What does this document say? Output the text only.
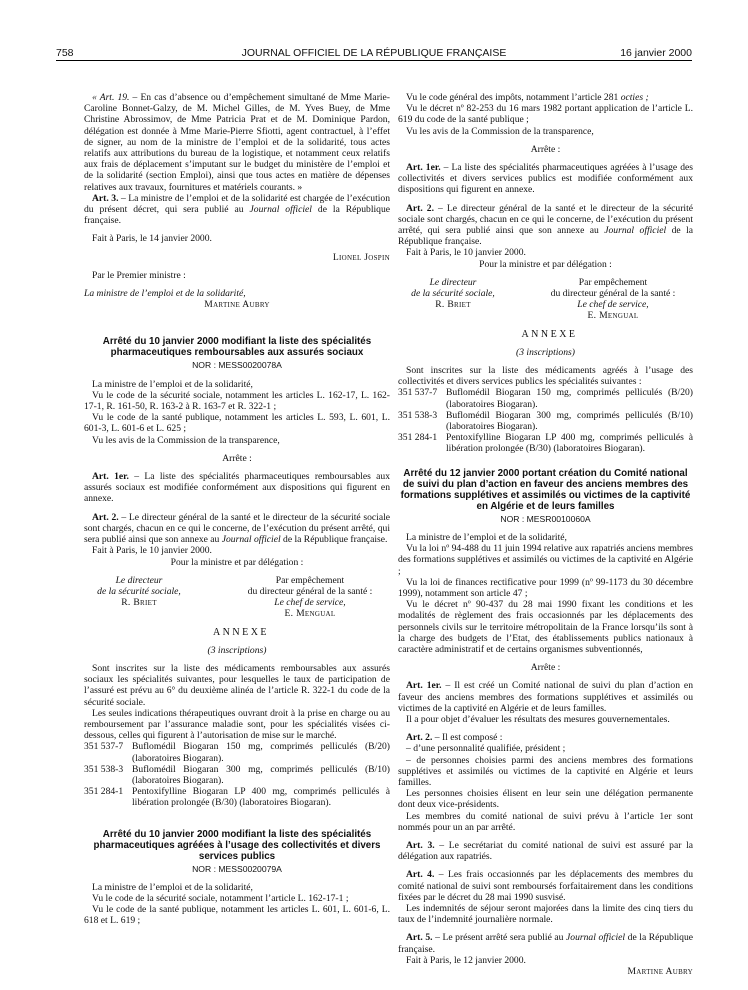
758	JOURNAL OFFICIEL DE LA RÉPUBLIQUE FRANÇAISE	16 janvier 2000

« Art. 19. – En cas d’absence ou d’empêchement simultané de Mme Marie-Caroline Bonnet-Galzy, de M. Michel Gilles, de M. Yves Buey, de Mme Christine Abrossimov, de Mme Patricia Prat et de M. Dominique Pardon, délégation est donnée à Mme Marie-Pierre Sfiotti, agent contractuel, à l’effet de signer, au nom de la ministre de l’emploi et de la solidarité, tous actes relatifs aux attributions du bureau de la logistique, et notamment ceux relatifs aux frais de déplacement s’imputant sur le budget du ministère de l’emploi et de la solidarité (section Emploi), ainsi que tous actes en matière de dépenses relatives aux travaux, fournitures et matériels courants. »

Art. 3. – La ministre de l’emploi et de la solidarité est chargée de l’exécution du présent décret, qui sera publié au Journal officiel de la République française.

Fait à Paris, le 14 janvier 2000.

Lionel Jospin

Par le Premier ministre :

La ministre de l’emploi et de la solidarité,

Martine Aubry

Arrêté du 10 janvier 2000 modifiant la liste des spécialités pharmaceutiques remboursables aux assurés sociaux
NOR : MESS0020078A

La ministre de l’emploi et de la solidarité,

Vu le code de la sécurité sociale, notamment les articles L. 162-17, L. 162-17-1, R. 161-50, R. 163-2 à R. 163-7 et R. 322-1 ;

Vu le code de la santé publique, notamment les articles L. 593, L. 601, L. 601-3, L. 601-6 et L. 625 ;

Vu les avis de la Commission de la transparence,

Arrête :

Art. 1er. – La liste des spécialités pharmaceutiques remboursables aux assurés sociaux est modifiée conformément aux dispositions qui figurent en annexe.

Art. 2. – Le directeur général de la santé et le directeur de la sécurité sociale sont chargés, chacun en ce qui le concerne, de l’exécution du présent arrêté, qui sera publié ainsi que son annexe au Journal officiel de la République française.

Fait à Paris, le 10 janvier 2000.

Pour la ministre et par délégation :

Le directeur
de la sécurité sociale,
R. Briet
Par empêchement
du directeur général de la santé :
Le chef de service,
E. Mengual

ANNEXE

(3 inscriptions)

Sont inscrites sur la liste des médicaments remboursables aux assurés sociaux les spécialités suivantes, pour lesquelles le taux de participation de l’assuré est prévu au 6° du deuxième alinéa de l’article R. 322-1 du code de la sécurité sociale.

Les seules indications thérapeutiques ouvrant droit à la prise en charge ou au remboursement par l’assurance maladie sont, pour les spécialités visées ci-dessous, celles qui figurent à l’autorisation de mise sur le marché.

351 537-7 Buflomédil Biogaran 150 mg, comprimés pelliculés (B/20) (laboratoires Biogaran).
351 538-3 Buflomédil Biogaran 300 mg, comprimés pelliculés (B/10) (laboratoires Biogaran).
351 284-1 Pentoxifylline Biogaran LP 400 mg, comprimés pelliculés à libération prolongée (B/30) (laboratoires Biogaran).
Arrêté du 10 janvier 2000 modifiant la liste des spécialités pharmaceutiques agréées à l’usage des collectivités et divers services publics
NOR : MESS0020079A

La ministre de l’emploi et de la solidarité,

Vu le code de la sécurité sociale, notamment l’article L. 162-17-1 ;

Vu le code de la santé publique, notamment les articles L. 601, L. 601-6, L. 618 et L. 619 ;

Vu le code général des impôts, notamment l’article 281 octies ;

Vu le décret nº 82-253 du 16 mars 1982 portant application de l’article L. 619 du code de la santé publique ;

Vu les avis de la Commission de la transparence,

Arrête :

Art. 1er. – La liste des spécialités pharmaceutiques agréées à l’usage des collectivités et divers services publics est modifiée conformément aux dispositions qui figurent en annexe.

Art. 2. – Le directeur général de la santé et le directeur de la sécurité sociale sont chargés, chacun en ce qui le concerne, de l’exécution du présent arrêté, qui sera publié ainsi que son annexe au Journal officiel de la République française.

Fait à Paris, le 10 janvier 2000.

Pour la ministre et par délégation :

Le directeur
de la sécurité sociale,
R. Briet
Par empêchement
du directeur général de la santé :
Le chef de service,
E. Mengual

ANNEXE

(3 inscriptions)

Sont inscrites sur la liste des médicaments agréés à l’usage des collectivités et divers services publics les spécialités suivantes :

351 537-7 Buflomédil Biogaran 150 mg, comprimés pelliculés (B/20) (laboratoires Biogaran).
351 538-3 Buflomédil Biogaran 300 mg, comprimés pelliculés (B/10) (laboratoires Biogaran).
351 284-1 Pentoxifylline Biogaran LP 400 mg, comprimés pelliculés à libération prolongée (B/30) (laboratoires Biogaran).
Arrêté du 12 janvier 2000 portant création du Comité national de suivi du plan d’action en faveur des anciens membres des formations supplétives et assimilés ou victimes de la captivité en Algérie et de leurs familles
NOR : MESR0010060A

La ministre de l’emploi et de la solidarité,

Vu la loi nº 94-488 du 11 juin 1994 relative aux rapatriés anciens membres des formations supplétives et assimilés ou victimes de la captivité en Algérie ;

Vu la loi de finances rectificative pour 1999 (nº 99-1173 du 30 décembre 1999), notamment son article 47 ;

Vu le décret nº 90-437 du 28 mai 1990 fixant les conditions et les modalités de règlement des frais occasionnés par les déplacements des personnels civils sur le territoire métropolitain de la France lorsqu’ils sont à la charge des budgets de l’Etat, des établissements publics nationaux à caractère administratif et de certains organismes subventionnés,

Arrête :

Art. 1er. – Il est créé un Comité national de suivi du plan d’action en faveur des anciens membres des formations supplétives et assimilés ou victimes de la captivité en Algérie et de leurs familles.

Il a pour objet d’évaluer les résultats des mesures gouvernementales.

Art. 2. – Il est composé :

– d’une personnalité qualifiée, président ;

– de personnes choisies parmi des anciens membres des formations supplétives et assimilés ou victimes de la captivité en Algérie et leurs familles.

Les personnes choisies élisent en leur sein une délégation permanente dont deux vice-présidents.

Les membres du comité national de suivi prévu à l’article 1er sont nommés pour un an par arrêté.

Art. 3. – Le secrétariat du comité national de suivi est assuré par la délégation aux rapatriés.

Art. 4. – Les frais occasionnés par les déplacements des membres du comité national de suivi sont remboursés forfaitairement dans les conditions fixées par le décret du 28 mai 1990 susvisé.

Les indemnités de séjour seront majorées dans la limite des cinq tiers du taux de l’indemnité journalière normale.

Art. 5. – Le présent arrêté sera publié au Journal officiel de la République française.

Fait à Paris, le 12 janvier 2000.

Martine Aubry
